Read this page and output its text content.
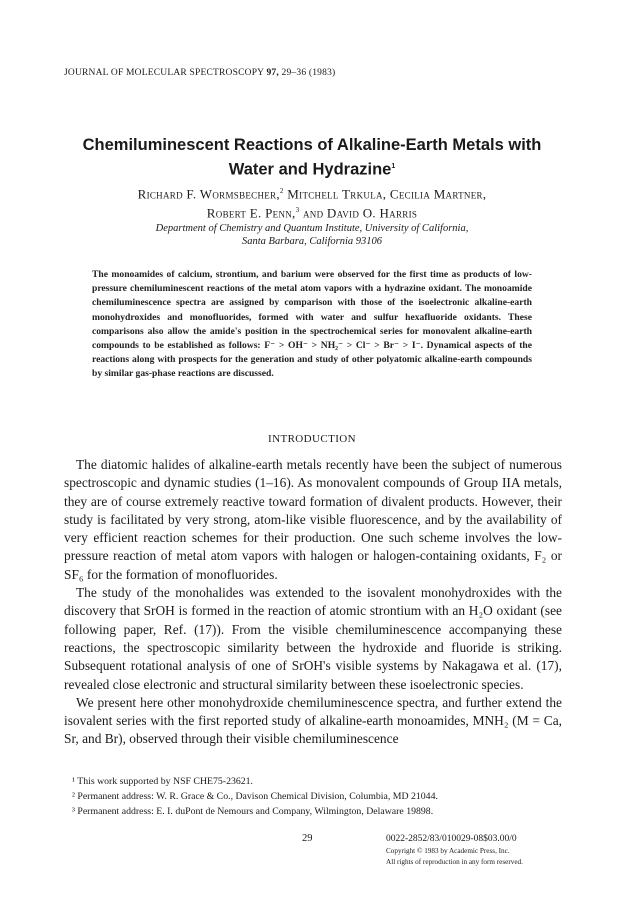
JOURNAL OF MOLECULAR SPECTROSCOPY 97, 29–36 (1983)
Chemiluminescent Reactions of Alkaline-Earth Metals with
Water and Hydrazine$^1$
Richard F. Wormsbecher,$^2$ Mitchell Trkula, Cecilia Martner,
Robert E. Penn,$^3$ and David O. Harris
Department of Chemistry and Quantum Institute, University of California,
Santa Barbara, California 93106
The monoamides of calcium, strontium, and barium were observed for the first time as products of low-pressure chemiluminescent reactions of the metal atom vapors with a hydrazine oxidant. The monoamide chemiluminescence spectra are assigned by comparison with those of the isoelectronic alkaline-earth monohydroxides and monofluorides, formed with water and sulfur hexafluoride oxidants. These comparisons also allow the amide's position in the spectrochemical series for monovalent alkaline-earth compounds to be established as follows: F⁻ > OH⁻ > NH₂⁻ > Cl⁻ > Br⁻ > I⁻. Dynamical aspects of the reactions along with prospects for the generation and study of other polyatomic alkaline-earth compounds by similar gas-phase reactions are discussed.
INTRODUCTION

The diatomic halides of alkaline-earth metals recently have been the subject of numerous spectroscopic and dynamic studies (1–16). As monovalent compounds of Group IIA metals, they are of course extremely reactive toward formation of divalent products. However, their study is facilitated by very strong, atom-like visible fluorescence, and by the availability of very efficient reaction schemes for their production. One such scheme involves the low-pressure reaction of metal atom vapors with halogen or halogen-containing oxidants, F₂ or SF₆ for the formation of monofluorides.

The study of the monohalides was extended to the isovalent monohydroxides with the discovery that SrOH is formed in the reaction of atomic strontium with an H₂O oxidant (see following paper, Ref. (17)). From the visible chemiluminescence accompanying these reactions, the spectroscopic similarity between the hydroxide and fluoride is striking. Subsequent rotational analysis of one of SrOH's visible systems by Nakagawa et al. (17), revealed close electronic and structural similarity between these isoelectronic species.

We present here other monohydroxide chemiluminescence spectra, and further extend the isovalent series with the first reported study of alkaline-earth monoamides, MNH₂ (M = Ca, Sr, and Br), observed through their visible chemiluminescence

¹ This work supported by NSF CHE75-23621.
² Permanent address: W. R. Grace & Co., Davison Chemical Division, Columbia, MD 21044.
³ Permanent address: E. I. duPont de Nemours and Company, Wilmington, Delaware 19898.
29	0022-2852/83/010029-08$03.00/0
Copyright © 1983 by Academic Press, Inc.
All rights of reproduction in any form reserved.
